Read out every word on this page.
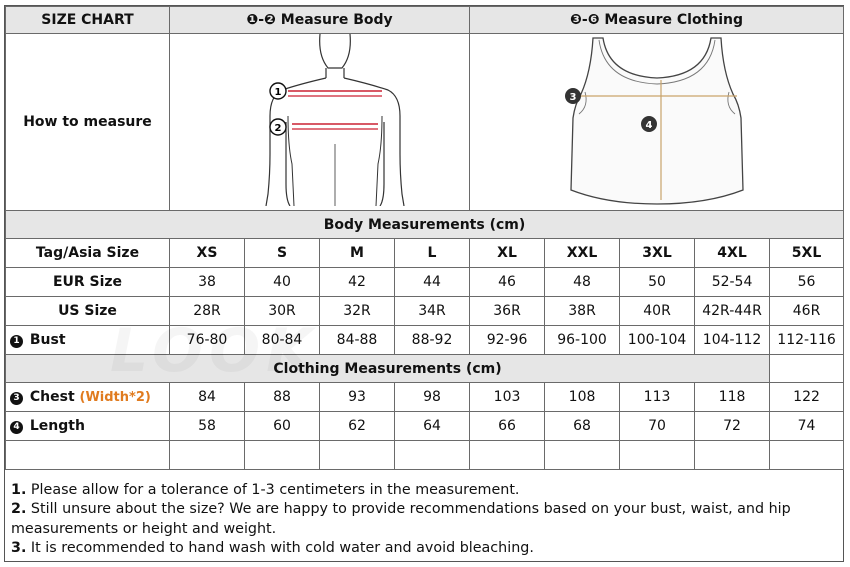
SIZE CHART	❶-❷ Measure Body				❸-❻ Measure Clothing				
How to measure	1
2				3
4				

Body Measurements (cm)									
Tag/Asia Size	XS	S	M	L	XL	XXL	3XL	4XL	5XL
EUR Size	38	40	42	44	46	48	50	52-54	56
US Size	28R	30R	32R	34R	36R	38R	40R	42R-44R	46R
1 Bust	76-80	80-84	84-88	88-92	92-96	96-100	100-104	104-112	112-116
Clothing Measurements (cm)									
3 Chest (Width*2)	84	88	93	98	103	108	113	118	122
4 Length	58	60	62	64	66	68	70	72	74

1. Please allow for a tolerance of 1-3 centimeters in the measurement.

2. Still unsure about the size? We are happy to provide recommendations based on your bust, waist, and hip measurements or height and weight.

3. It is recommended to hand wash with cold water and avoid bleaching.
